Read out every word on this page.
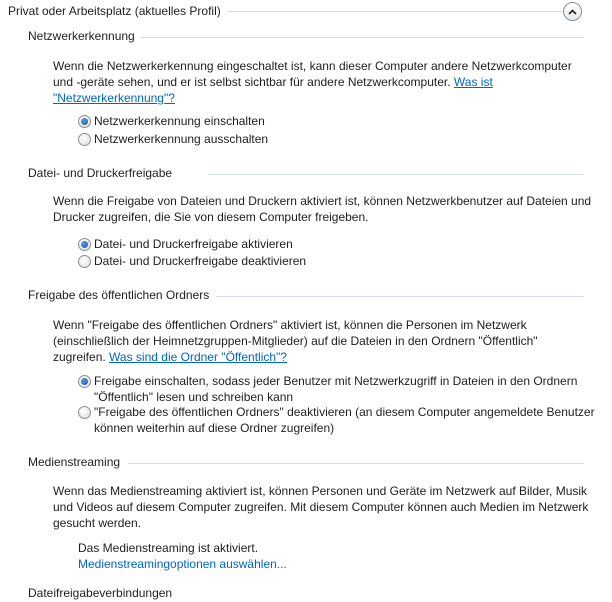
Privat oder Arbeitsplatz (aktuelles Profil)
Netzwerkerkennung
Wenn die Netzwerkerkennung eingeschaltet ist, kann dieser Computer andere Netzwerkcomputer und -geräte sehen, und er ist selbst sichtbar für andere Netzwerkcomputer. Was ist "Netzwerkerkennung"?
Netzwerkerkennung einschalten
Netzwerkerkennung ausschalten
Datei- und Druckerfreigabe
Wenn die Freigabe von Dateien und Druckern aktiviert ist, können Netzwerkbenutzer auf Dateien und Drucker zugreifen, die Sie von diesem Computer freigeben.
Datei- und Druckerfreigabe aktivieren
Datei- und Druckerfreigabe deaktivieren
Freigabe des öffentlichen Ordners
Wenn "Freigabe des öffentlichen Ordners" aktiviert ist, können die Personen im Netzwerk (einschließlich der Heimnetzgruppen-Mitglieder) auf die Dateien in den Ordnern "Öffentlich" zugreifen. Was sind die Ordner "Öffentlich"?
Freigabe einschalten, sodass jeder Benutzer mit Netzwerkzugriff in Dateien in den Ordnern "Öffentlich" lesen und schreiben kann
"Freigabe des öffentlichen Ordners" deaktivieren (an diesem Computer angemeldete Benutzer können weiterhin auf diese Ordner zugreifen)
Medienstreaming
Wenn das Medienstreaming aktiviert ist, können Personen und Geräte im Netzwerk auf Bilder, Musik und Videos auf diesem Computer zugreifen. Mit diesem Computer können auch Medien im Netzwerk gesucht werden.
Das Medienstreaming ist aktiviert.
Medienstreamingoptionen auswählen...
Dateifreigabeverbindungen
